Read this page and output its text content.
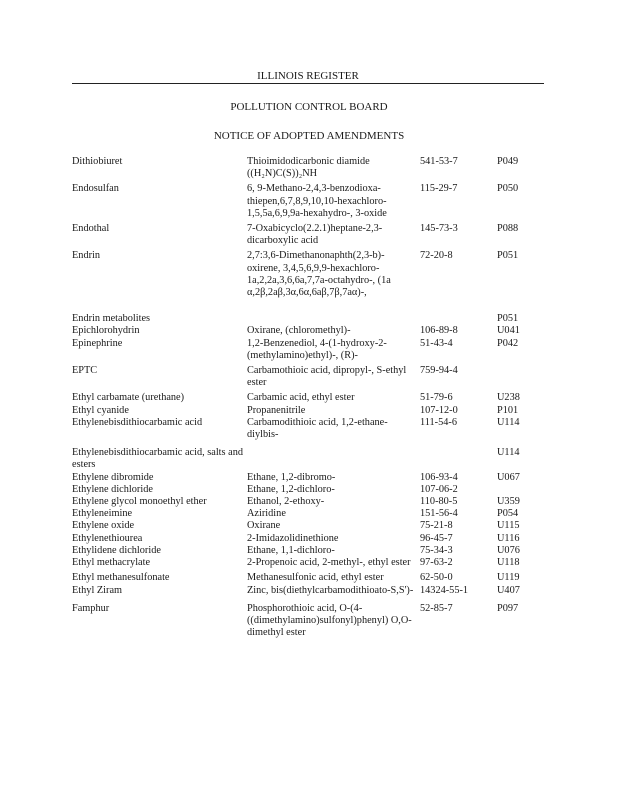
ILLINOIS REGISTER
POLLUTION CONTROL BOARD
NOTICE OF ADOPTED AMENDMENTS
Dithiobiuret	Thioimidodicarbonic diamide ((H₂N)C(S))₂NH	541-53-7	P049
Endosulfan	6, 9-Methano-2,4,3-benzodioxa-thiepen,6,7,8,9,10,10-hexachloro-1,5,5a,6,9,9a-hexahydro-, 3-oxide	115-29-7	P050
Endothal	7-Oxabicyclo(2.2.1)heptane-2,3-dicarboxylic acid	145-73-3	P088
Endrin	2,7:3,6-Dimethanonaphth(2,3-b)-oxirene, 3,4,5,6,9,9-hexachloro-1a,2,2a,3,6,6a,7,7a-octahydro-, (1a α,2β,2aβ,3α,6α,6aβ,7β,7aα)-,	72-20-8	P051
Endrin metabolites			P051
Epichlorohydrin	Oxirane, (chloromethyl)-	106-89-8	U041
Epinephrine	1,2-Benzenediol, 4-(1-hydroxy-2-(methylamino)ethyl)-, (R)-	51-43-4	P042
EPTC	Carbamothioic acid, dipropyl-, S-ethyl ester	759-94-4	
Ethyl carbamate (urethane)	Carbamic acid, ethyl ester	51-79-6	U238
Ethyl cyanide	Propanenitrile	107-12-0	P101
Ethylenebisdithiocarbamic acid	Carbamodithioic acid, 1,2-ethane-diylbis-	111-54-6	U114
Ethylenebisdithiocarbamic acid, salts and esters			U114
Ethylene dibromide	Ethane, 1,2-dibromo-	106-93-4	U067
Ethylene dichloride	Ethane, 1,2-dichloro-	107-06-2	
Ethylene glycol monoethyl ether	Ethanol, 2-ethoxy-	110-80-5	U359
Ethyleneimine	Aziridine	151-56-4	P054
Ethylene oxide	Oxirane	75-21-8	U115
Ethylenethiourea	2-Imidazolidinethione	96-45-7	U116
Ethylidene dichloride	Ethane, 1,1-dichloro-	75-34-3	U076
Ethyl methacrylate	2-Propenoic acid, 2-methyl-, ethyl ester	97-63-2	U118
Ethyl methanesulfonate	Methanesulfonic acid, ethyl ester	62-50-0	U119
Ethyl Ziram	Zinc, bis(diethylcarbamodithioato-S,S')-	14324-55-1	U407
Famphur	Phosphorothioic acid, O-(4-((dimethylamino)sulfonyl)phenyl) O,O-dimethyl ester	52-85-7	P097
